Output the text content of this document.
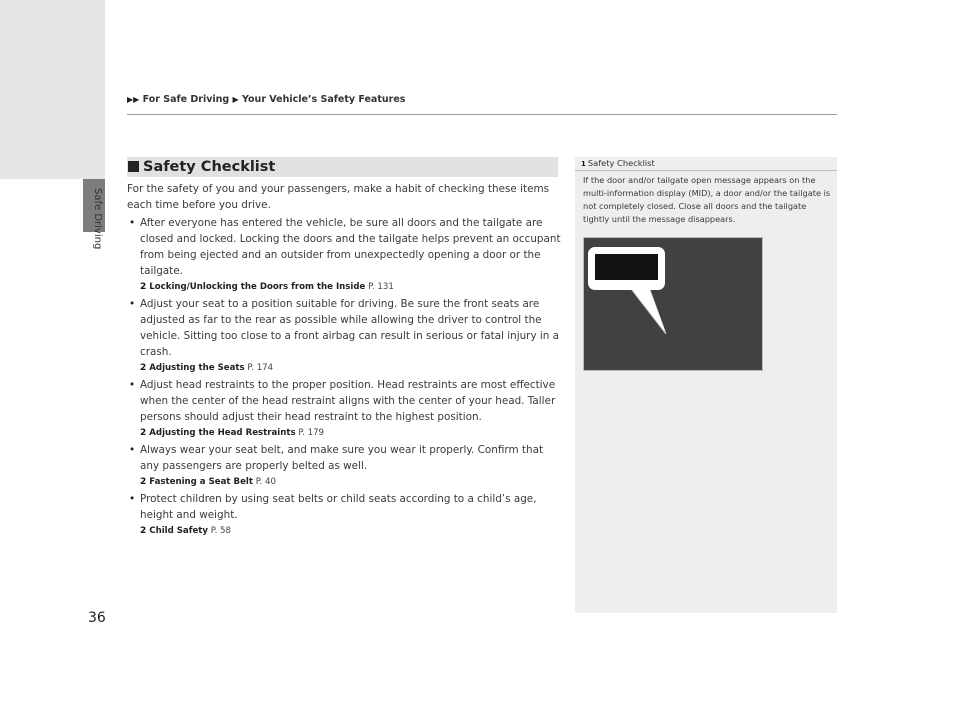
Safe Driving
36
▶▶ For Safe Driving ▶ Your Vehicle’s Safety Features
Safety Checklist

For the safety of you and your passengers, make a habit of checking these items each time before you drive.

• After everyone has entered the vehicle, be sure all doors and the tailgate are closed and locked. Locking the doors and the tailgate helps prevent an occupant from being ejected and an outsider from unexpectedly opening a door or the tailgate.
2 Locking/Unlocking the Doors from the Inside P. 131
• Adjust your seat to a position suitable for driving. Be sure the front seats are adjusted as far to the rear as possible while allowing the driver to control the vehicle. Sitting too close to a front airbag can result in serious or fatal injury in a crash.
2 Adjusting the Seats P. 174
• Adjust head restraints to the proper position. Head restraints are most effective when the center of the head restraint aligns with the center of your head. Taller persons should adjust their head restraint to the highest position.
2 Adjusting the Head Restraints P. 179
• Always wear your seat belt, and make sure you wear it properly. Confirm that any passengers are properly belted as well.
2 Fastening a Seat Belt P. 40
• Protect children by using seat belts or child seats according to a child’s age, height and weight.
2 Child Safety P. 58
1 Safety Checklist
If the door and/or tailgate open message appears on the multi-information display (MID), a door and/or the tailgate is not completely closed. Close all doors and the tailgate tightly until the message disappears.
